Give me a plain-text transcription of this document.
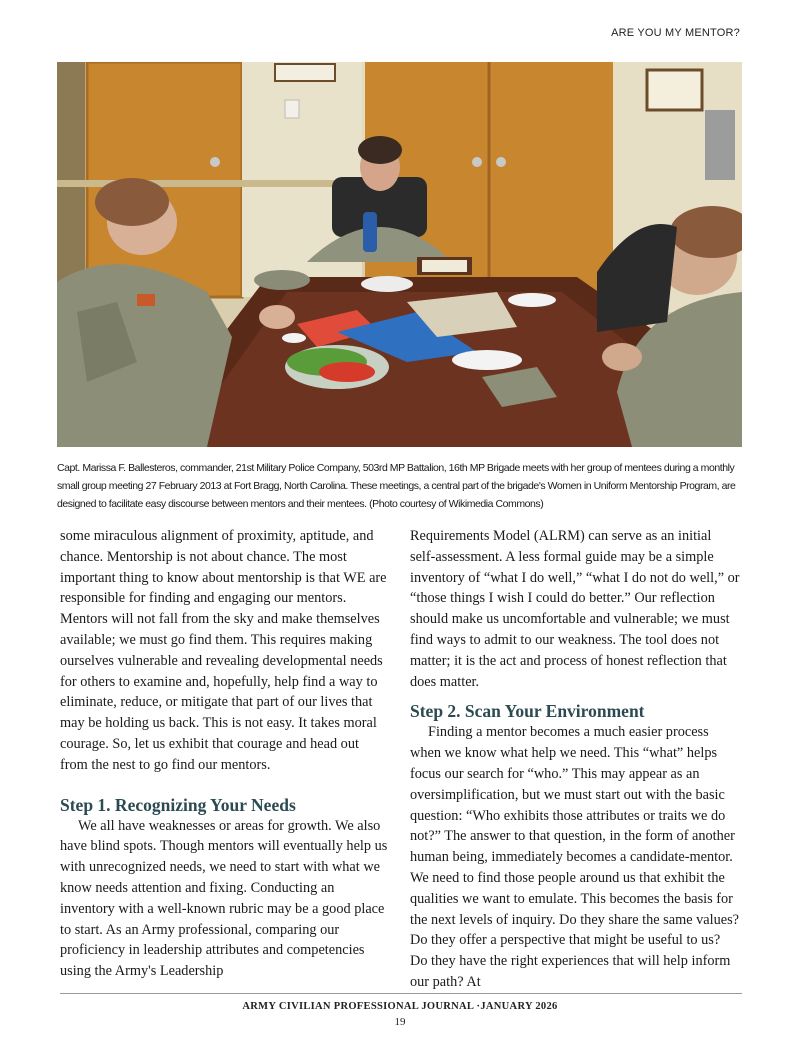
ARE YOU MY MENTOR?
Capt. Marissa F. Ballesteros, commander, 21st Military Police Company, 503rd MP Battalion, 16th MP Brigade meets with her group of mentees during a monthly small group meeting 27 February 2013 at Fort Bragg, North Carolina. These meetings, a central part of the brigade's Women in Uniform Mentorship Program, are designed to facilitate easy discourse between mentors and their mentees. (Photo courtesy of Wikimedia Commons)

some miraculous alignment of proximity, aptitude, and chance. Mentorship is not about chance. The most important thing to know about mentorship is that WE are responsible for finding and engaging our mentors. Mentors will not fall from the sky and make themselves available; we must go find them. This requires making ourselves vulnerable and revealing developmental needs for others to examine and, hopefully, help find a way to eliminate, reduce, or mitigate that part of our lives that may be holding us back. This is not easy. It takes moral courage. So, let us exhibit that courage and head out from the nest to go find our mentors.

Step 1. Recognizing Your Needs

We all have weaknesses or areas for growth. We also have blind spots. Though mentors will eventually help us with unrecognized needs, we need to start with what we know needs attention and fixing. Conducting an inventory with a well-known rubric may be a good place to start. As an Army professional, comparing our proficiency in leadership attributes and competencies using the Army's Leadership

Requirements Model (ALRM) can serve as an initial self-assessment. A less formal guide may be a simple inventory of “what I do well,” “what I do not do well,” or “those things I wish I could do better.” Our reflection should make us uncomfortable and vulnerable; we must find ways to admit to our weakness. The tool does not matter; it is the act and process of honest reflection that does matter.

Step 2. Scan Your Environment

Finding a mentor becomes a much easier process when we know what help we need. This “what” helps focus our search for “who.” This may appear as an oversimplification, but we must start out with the basic question: “Who exhibits those attributes or traits we do not?” The answer to that question, in the form of another human being, immediately becomes a candidate-mentor. We need to find those people around us that exhibit the qualities we want to emulate. This becomes the basis for the next levels of inquiry. Do they share the same values? Do they offer a perspective that might be useful to us? Do they have the right experiences that will help inform our path? At

ARMY CIVILIAN PROFESSIONAL JOURNAL ·JANUARY 2026
19
